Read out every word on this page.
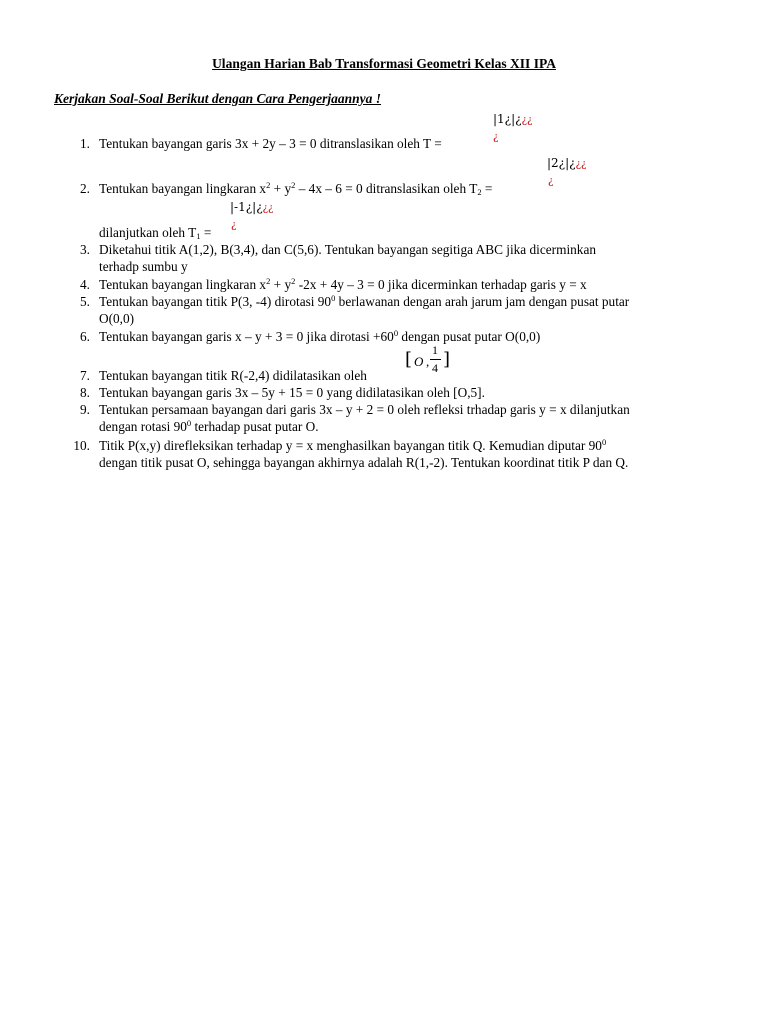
Ulangan Harian Bab Transformasi Geometri Kelas XII IPA
Kerjakan Soal-Soal Berikut dengan Cara Pengerjaannya !
1. Tentukan bayangan garis 3x + 2y – 3 = 0 ditranslasikan oleh T =
|1¿|¿¿¿
¿
2. Tentukan bayangan lingkaran $x^2 + y^2 - 4x - 6 = 0$ ditranslasikan oleh $T_2$ =
|2¿|¿¿¿
¿
dilanjutkan oleh $T_1$ =
|-1¿|¿¿¿
¿
3. Diketahui titik A(1,2), B(3,4), dan C(5,6). Tentukan bayangan segitiga ABC jika dicerminkan
terhadp sumbu y
4. Tentukan bayangan lingkaran $x^2 + y^2$ -2x + 4y – 3 = 0 jika dicerminkan terhadap garis y = x
5. Tentukan bayangan titik P(3, -4) dirotasi $90^0$ berlawanan dengan arah jarum jam dengan pusat putar
O(0,0)
6. Tentukan bayangan garis x – y + 3 = 0 jika dirotasi $+60^0$ dengan pusat putar O(0,0)
7. Tentukan bayangan titik R(-2,4) didilatasikan oleh
[ O ,
1
4 ]
8. Tentukan bayangan garis 3x – 5y + 15 = 0 yang didilatasikan oleh [O,5].
9. Tentukan persamaan bayangan dari garis 3x – y + 2 = 0 oleh refleksi trhadap garis y = x dilanjutkan
dengan rotasi $90^0$ terhadap pusat putar O.
10. Titik P(x,y) direfleksikan terhadap y = x menghasilkan bayangan titik Q. Kemudian diputar $90^0$
dengan titik pusat O, sehingga bayangan akhirnya adalah R(1,-2). Tentukan koordinat titik P dan Q.
